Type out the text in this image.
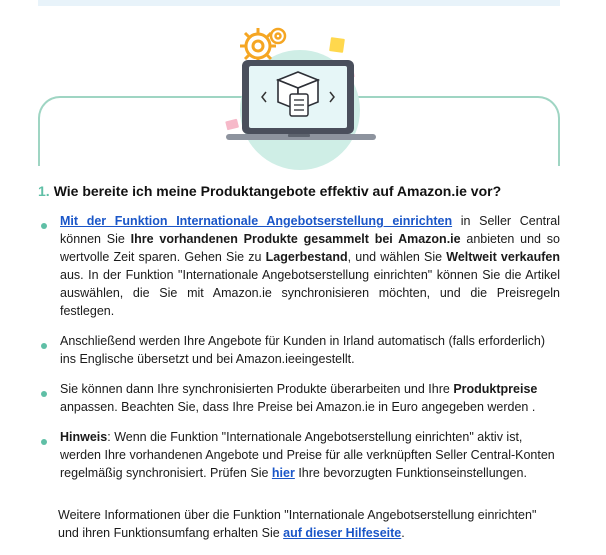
1. Wie bereite ich meine Produktangebote effektiv auf Amazon.ie vor?
Mit der Funktion Internationale Angebotserstellung einrichten in Seller Central können Sie Ihre vorhandenen Produkte gesammelt bei Amazon.ie anbieten und so wertvolle Zeit sparen. Gehen Sie zu Lagerbestand, und wählen Sie Weltweit verkaufen aus. In der Funktion "Internationale Angebotserstellung einrichten" können Sie die Artikel auswählen, die Sie mit Amazon.ie synchronisieren möchten, und die Preisregeln festlegen.
Anschließend werden Ihre Angebote für Kunden in Irland automatisch (falls erforderlich) ins Englische übersetzt und bei Amazon.ieeingestellt.
Sie können dann Ihre synchronisierten Produkte überarbeiten und Ihre Produktpreise anpassen. Beachten Sie, dass Ihre Preise bei Amazon.ie in Euro angegeben werden .
Hinweis: Wenn die Funktion "Internationale Angebotserstellung einrichten" aktiv ist, werden Ihre vorhandenen Angebote und Preise für alle verknüpften Seller Central-Konten regelmäßig synchronisiert. Prüfen Sie hier Ihre bevorzugten Funktionseinstellungen.
Weitere Informationen über die Funktion "Internationale Angebotserstellung einrichten" und ihren Funktionsumfang erhalten Sie auf dieser Hilfeseite.
